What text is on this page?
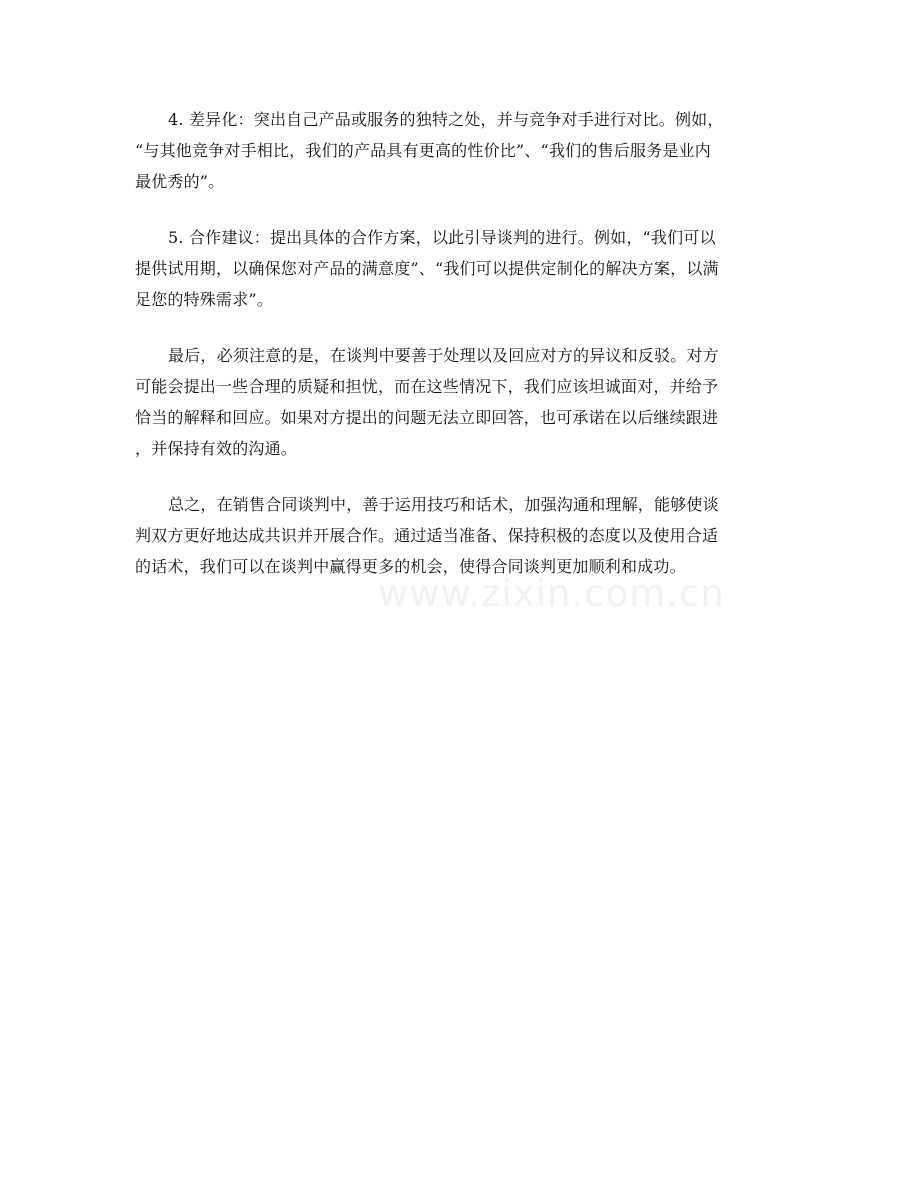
4. 差异化：突出自己产品或服务的独特之处，并与竞争对手进行对比。例如，
“与其他竞争对手相比，我们的产品具有更高的性价比”、“我们的售后服务是业内
最优秀的”。

5. 合作建议：提出具体的合作方案，以此引导谈判的进行。例如，“我们可以
提供试用期，以确保您对产品的满意度”、“我们可以提供定制化的解决方案，以满
足您的特殊需求”。

最后，必须注意的是，在谈判中要善于处理以及回应对方的异议和反驳。对方
可能会提出一些合理的质疑和担忧，而在这些情况下，我们应该坦诚面对，并给予
恰当的解释和回应。如果对方提出的问题无法立即回答，也可承诺在以后继续跟进
，并保持有效的沟通。

总之，在销售合同谈判中，善于运用技巧和话术，加强沟通和理解，能够使谈
判双方更好地达成共识并开展合作。通过适当准备、保持积极的态度以及使用合适
的话术，我们可以在谈判中赢得更多的机会，使得合同谈判更加顺利和成功。

www.zixin.com.cn
